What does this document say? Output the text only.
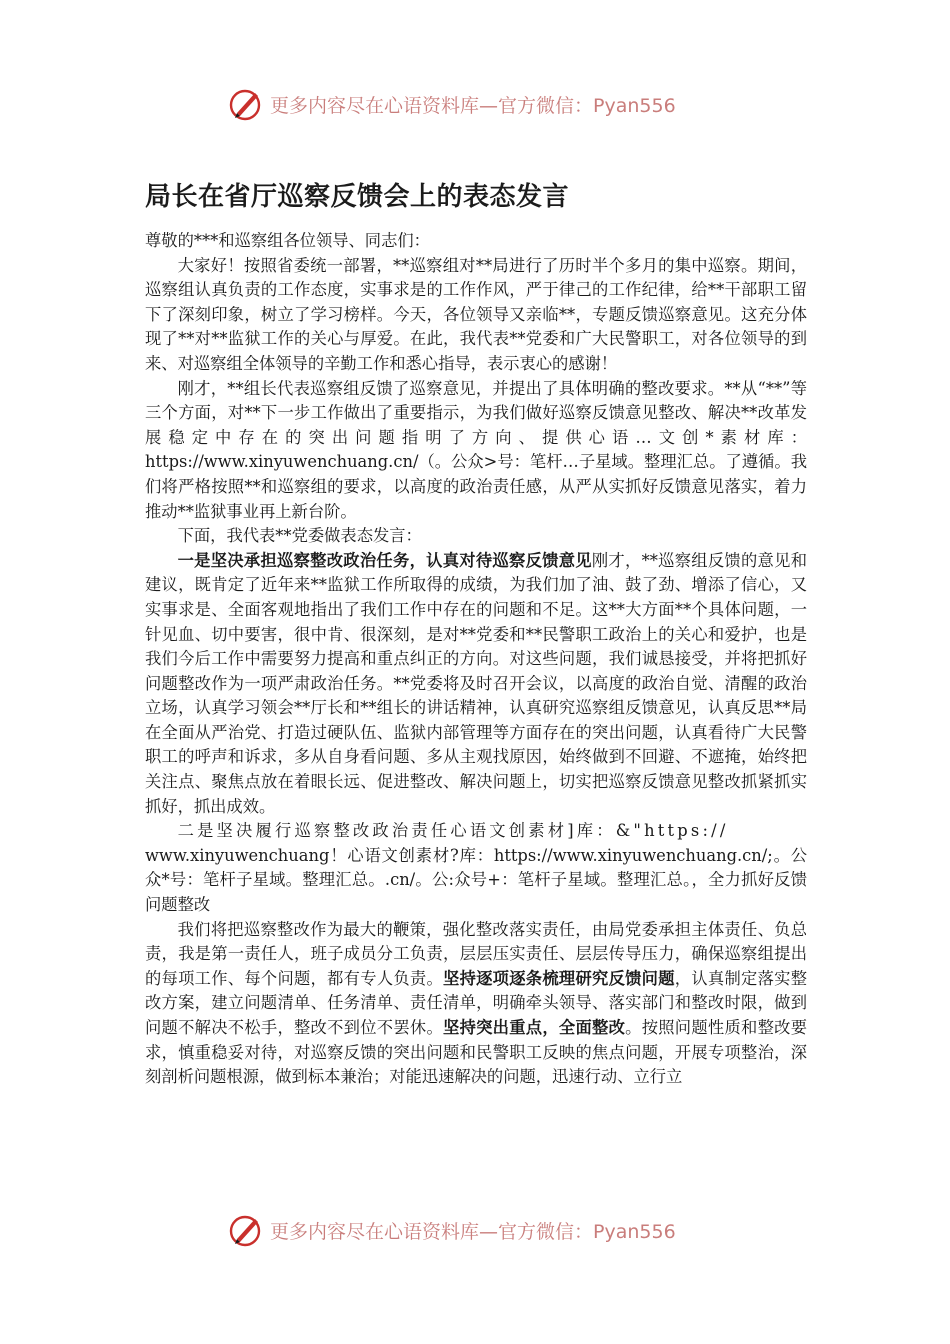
更多内容尽在心语资料库—官方微信：Pyan556
局长在省厅巡察反馈会上的表态发言

尊敬的***和巡察组各位领导、同志们：

大家好！按照省委统一部署，**巡察组对**局进行了历时半个多月的集中巡察。期间，巡察组认真负责的工作态度，实事求是的工作作风，严于律己的工作纪律，给**干部职工留下了深刻印象，树立了学习榜样。今天，各位领导又亲临**，专题反馈巡察意见。这充分体现了**对**监狱工作的关心与厚爱。在此，我代表**党委和广大民警职工，对各位领导的到来、对巡察组全体领导的辛勤工作和悉心指导，表示衷心的感谢！

刚才，**组长代表巡察组反馈了巡察意见，并提出了具体明确的整改要求。**从“**”等三个方面，对**下一步工作做出了重要指示，为我们做好巡察反馈意见整改、解决**改革发展稳定中存在的突出问题指明了方向、提供心语…文创*素材库：https://www.xinyuwenchuang.cn/（。公众>号：笔杆…子星域。整理汇总。了遵循。我们将严格按照**和巡察组的要求，以高度的政治责任感，从严从实抓好反馈意见落实，着力推动**监狱事业再上新台阶。

下面，我代表**党委做表态发言：

一是坚决承担巡察整改政治任务，认真对待巡察反馈意见刚才，**巡察组反馈的意见和建议，既肯定了近年来**监狱工作所取得的成绩，为我们加了油、鼓了劲、增添了信心，又实事求是、全面客观地指出了我们工作中存在的问题和不足。这**大方面**个具体问题，一针见血、切中要害，很中肯、很深刻，是对**党委和**民警职工政治上的关心和爱护，也是我们今后工作中需要努力提高和重点纠正的方向。对这些问题，我们诚恳接受，并将把抓好问题整改作为一项严肃政治任务。**党委将及时召开会议，以高度的政治自觉、清醒的政治立场，认真学习领会**厅长和**组长的讲话精神，认真研究巡察组反馈意见，认真反思**局在全面从严治党、打造过硬队伍、监狱内部管理等方面存在的突出问题，认真看待广大民警职工的呼声和诉求，多从自身看问题、多从主观找原因，始终做到不回避、不遮掩，始终把关注点、聚焦点放在着眼长远、促进整改、解决问题上，切实把巡察反馈意见整改抓紧抓实抓好，抓出成效。

二是坚决履行巡察整改政治责任心语文创素材]库：&"https://
www.xinyuwenchuang！心语文创素材?库：https://www.xinyuwenchuang.cn/;。公众*号：笔杆子星域。整理汇总。.cn/。公:众号+：笔杆子星域。整理汇总。，全力抓好反馈问题整改

我们将把巡察整改作为最大的鞭策，强化整改落实责任，由局党委承担主体责任、负总责，我是第一责任人，班子成员分工负责，层层压实责任、层层传导压力，确保巡察组提出的每项工作、每个问题，都有专人负责。坚持逐项逐条梳理研究反馈问题，认真制定落实整改方案，建立问题清单、任务清单、责任清单，明确牵头领导、落实部门和整改时限，做到问题不解决不松手，整改不到位不罢休。坚持突出重点，全面整改。按照问题性质和整改要求，慎重稳妥对待，对巡察反馈的突出问题和民警职工反映的焦点问题，开展专项整治，深刻剖析问题根源，做到标本兼治；对能迅速解决的问题，迅速行动、立行立

更多内容尽在心语资料库—官方微信：Pyan556
